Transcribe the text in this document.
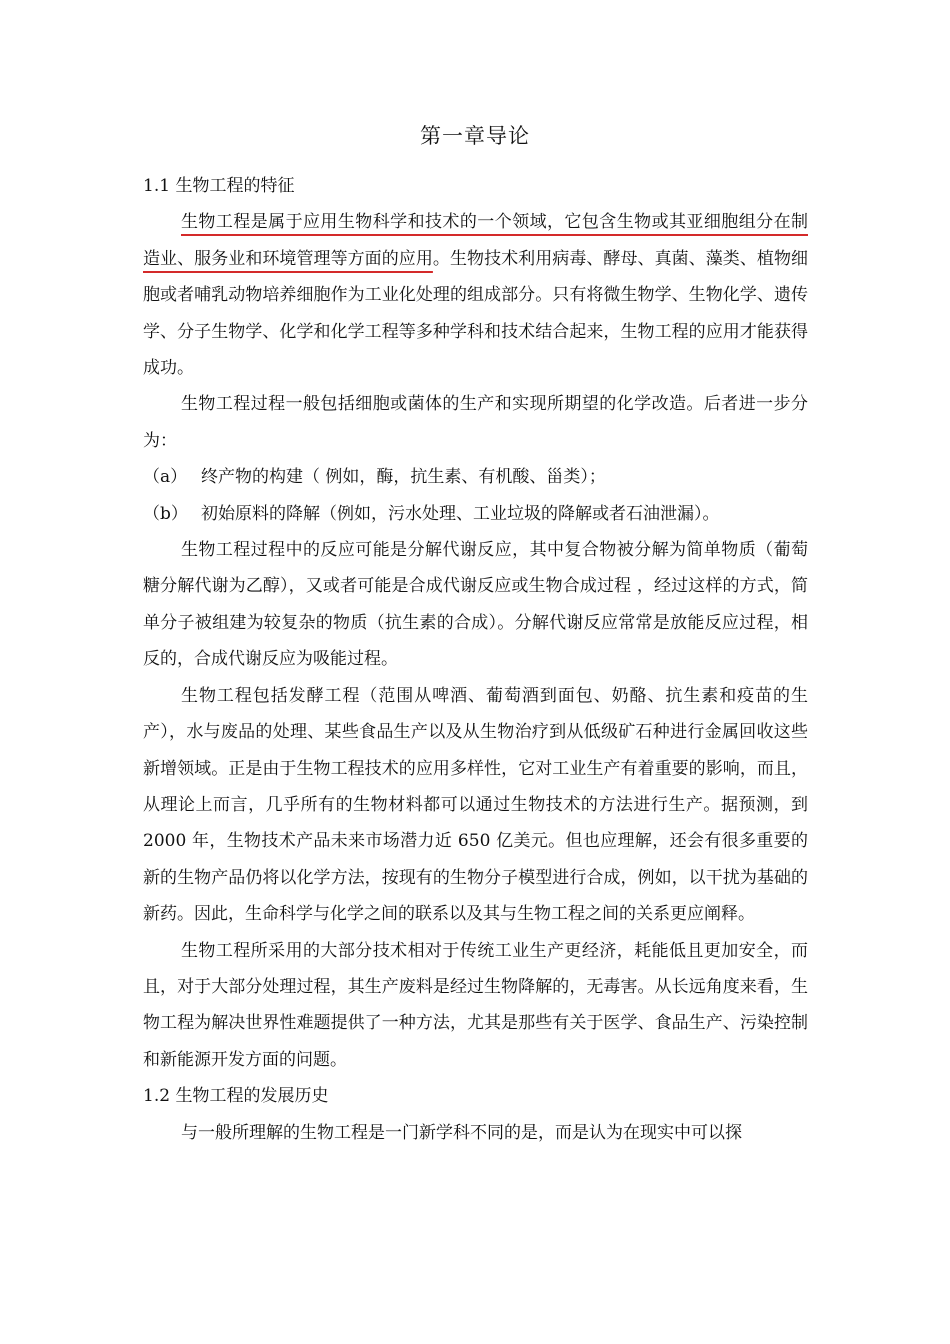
第一章导论

1.1 生物工程的特征

生物工程是属于应用生物科学和技术的一个领域，它包含生物或其亚细胞组分在制造业、服务业和环境管理等方面的应用。生物技术利用病毒、酵母、真菌、藻类、植物细胞或者哺乳动物培养细胞作为工业化处理的组成部分。只有将微生物学、生物化学、遗传学、分子生物学、化学和化学工程等多种学科和技术结合起来，生物工程的应用才能获得成功。

生物工程过程一般包括细胞或菌体的生产和实现所期望的化学改造。后者进一步分为：

（a） 终产物的构建（ 例如，酶，抗生素、有机酸、甾类）；

（b） 初始原料的降解（例如，污水处理、工业垃圾的降解或者石油泄漏）。

生物工程过程中的反应可能是分解代谢反应，其中复合物被分解为简单物质（葡萄糖分解代谢为乙醇），又或者可能是合成代谢反应或生物合成过程 ，经过这样的方式，简单分子被组建为较复杂的物质（抗生素的合成）。分解代谢反应常常是放能反应过程，相反的，合成代谢反应为吸能过程。

生物工程包括发酵工程（范围从啤酒、葡萄酒到面包、奶酪、抗生素和疫苗的生产），水与废品的处理、某些食品生产以及从生物治疗到从低级矿石种进行金属回收这些新增领域。正是由于生物工程技术的应用多样性，它对工业生产有着重要的影响，而且，从理论上而言，几乎所有的生物材料都可以通过生物技术的方法进行生产。据预测，到 2000 年，生物技术产品未来市场潜力近 650 亿美元。但也应理解，还会有很多重要的新的生物产品仍将以化学方法，按现有的生物分子模型进行合成，例如，以干扰为基础的新药。因此，生命科学与化学之间的联系以及其与生物工程之间的关系更应阐释。

生物工程所采用的大部分技术相对于传统工业生产更经济，耗能低且更加安全，而且，对于大部分处理过程，其生产废料是经过生物降解的，无毒害。从长远角度来看，生物工程为解决世界性难题提供了一种方法，尤其是那些有关于医学、食品生产、污染控制和新能源开发方面的问题。

1.2 生物工程的发展历史

与一般所理解的生物工程是一门新学科不同的是，而是认为在现实中可以探
